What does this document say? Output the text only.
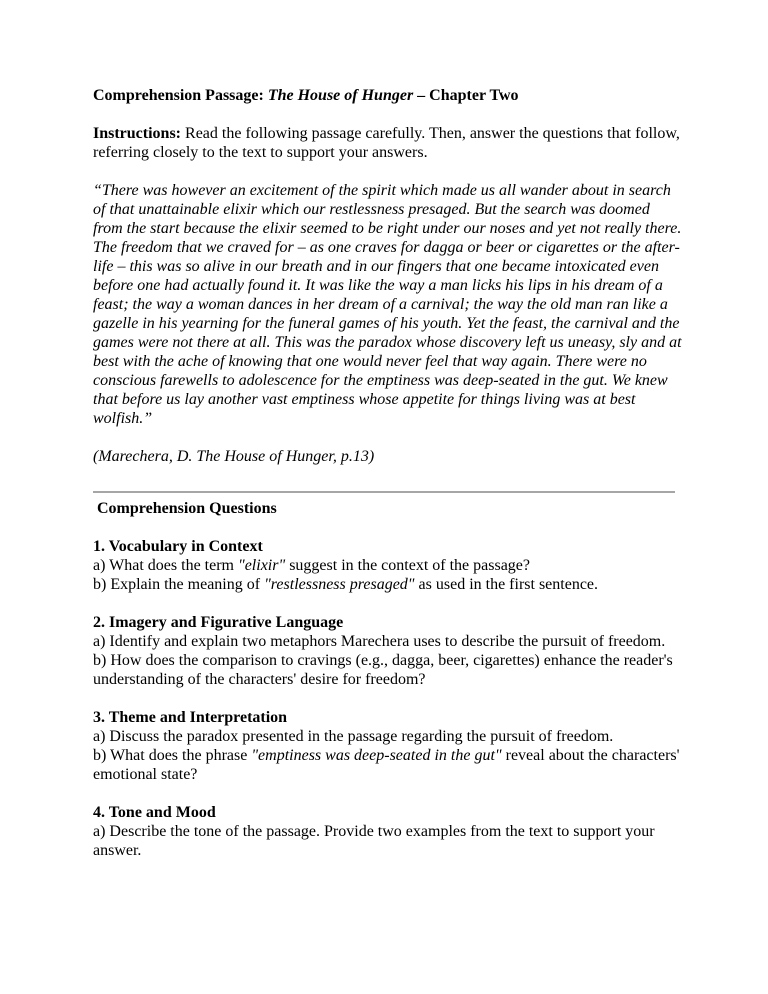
Comprehension Passage: The House of Hunger – Chapter Two

Instructions: Read the following passage carefully. Then, answer the questions that follow, referring closely to the text to support your answers.

“There was however an excitement of the spirit which made us all wander about in search of that unattainable elixir which our restlessness presaged. But the search was doomed from the start because the elixir seemed to be right under our noses and yet not really there. The freedom that we craved for – as one craves for dagga or beer or cigarettes or the after-life – this was so alive in our breath and in our fingers that one became intoxicated even before one had actually found it. It was like the way a man licks his lips in his dream of a feast; the way a woman dances in her dream of a carnival; the way the old man ran like a gazelle in his yearning for the funeral games of his youth. Yet the feast, the carnival and the games were not there at all. This was the paradox whose discovery left us uneasy, sly and at best with the ache of knowing that one would never feel that way again. There were no conscious farewells to adolescence for the emptiness was deep-seated in the gut. We knew that before us lay another vast emptiness whose appetite for things living was at best wolfish.”

(Marechera, D. The House of Hunger, p.13)

Comprehension Questions

1. Vocabulary in Context

a) What does the term "elixir" suggest in the context of the passage?

b) Explain the meaning of "restlessness presaged" as used in the first sentence.

2. Imagery and Figurative Language

a) Identify and explain two metaphors Marechera uses to describe the pursuit of freedom.

b) How does the comparison to cravings (e.g., dagga, beer, cigarettes) enhance the reader's understanding of the characters' desire for freedom?

3. Theme and Interpretation

a) Discuss the paradox presented in the passage regarding the pursuit of freedom.

b) What does the phrase "emptiness was deep-seated in the gut" reveal about the characters' emotional state?

4. Tone and Mood

a) Describe the tone of the passage. Provide two examples from the text to support your answer.
